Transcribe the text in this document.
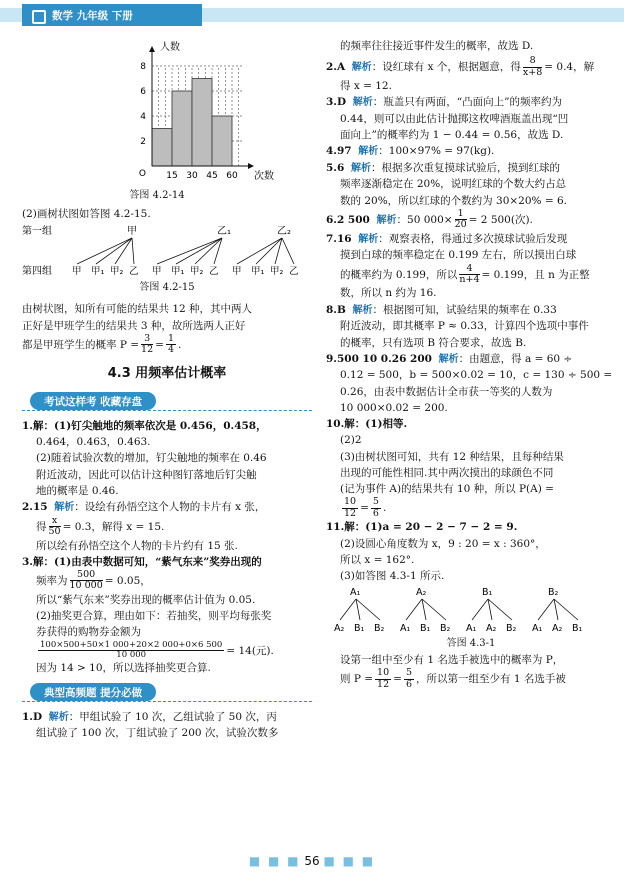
数学 九年级 下册
2
4
6
8
O 15 30 45 60
人数
次数
答图 4.2-14

(2)画树状图如答图 4.2-15.

第一组
第四组 甲 甲₁ 甲₂ 乙 甲 甲₁ 甲₂ 乙 甲 甲₁ 甲₂ 乙
甲	乙₁	乙₂
答图 4.2-15

由树状图，知所有可能的结果共 12 种，其中两人

正好是甲班学生的结果共 3 种，故所选两人正好

都是甲班学生的概率 $P = \frac{3}{12} = \frac{1}{4}$ .

4.3 用频率估计概率
考试这样考 收藏存盘

1.解：(1)钉尖触地的频率依次是 0.456，0.458，

0.464，0.463，0.463.

(2)随着试验次数的增加，钉尖触地的频率在 0.46

附近波动，因此可以估计这种图钉落地后钉尖触

地的概率是 0.46.

2.15 解析：设绘有孙悟空这个人物的卡片有 x 张，

得 $\frac{x}{50} = 0.3$，解得 x = 15.

所以绘有孙悟空这个人物的卡片约有 15 张.

3.解：(1)由表中数据可知，“紫气东来”奖券出现的

频率为 $\frac{500}{10 000} = 0.05$，

所以“紫气东来”奖券出现的概率估计值为 0.05.

(2)抽奖更合算，理由如下：若抽奖，则平均每张奖

券获得的购物券金额为

$\frac{100\times 500+50\times 1 000+20\times 2 000+0\times 6 500}{10 000} = 14$(元).

因为 14 > 10，所以选择抽奖更合算.

典型高频题 提分必做

1.D 解析：甲组试验了 10 次，乙组试验了 50 次，丙

组试验了 100 次，丁组试验了 200 次，试验次数多

的频率往往接近事件发生的概率，故选 D.

2.A 解析：设红球有 x 个，根据题意，得 $\frac{8}{x+8} = 0.4$，解

得 x = 12.

3.D 解析：瓶盖只有两面，“凸面向上”的频率约为

0.44，则可以由此估计抛掷这枚啤酒瓶盖出现“凹

面向上”的概率约为 1 − 0.44 = 0.56，故选 D.

4.97 解析：100×97% = 97(kg).

5.6 解析：根据多次重复摸球试验后，摸到红球的

频率逐渐稳定在 20%，说明红球的个数大约占总

数的 20%，所以红球的个数约为 30×20% = 6.

6.2 500 解析：50 $000\times \frac{1}{20} = 2$ 500(次).

7.16 解析：观察表格，得通过多次摸球试验后发现

摸到白球的频率稳定在 0.199 左右，所以摸出白球

的概率约为 0.199，所以 $\frac{4}{n+4} = 0.199$，且 n 为正整

数，所以 n 约为 16.

8.B 解析：根据图可知，试验结果的频率在 0.33

附近波动，即其概率 P ≈ 0.33，计算四个选项中事件

的概率，只有选项 B 符合要求，故选 B.

9.500 10 0.26 200 解析：由题意，得 a = 60 ÷

0.12 = 500，b = 500×0.02 = 10，c = 130 ÷ 500 =

0.26，由表中数据估计全市获一等奖的人数为

10 000×0.02 = 200.

10.解：(1)相等.

(2)2

(3)由树状图可知，共有 12 种结果，且每种结果

出现的可能性相同.其中两次摸出的球颜色不同

(记为事件 A)的结果共有 10 种，所以 P(A) =

$\frac{10}{12} = \frac{5}{6}$ .

11.解：(1)a = 20 − 2 − 7 − 2 = 9.

(2)设圆心角度数为 x，9 : 20 = x : 360°，

所以 x = 162°.

(3)如答图 4.3-1 所示.

A₁
A₂ B₁ B₂
A₂
A₁ B₁ B₂
B₁
A₁ A₂ B₂
B₂
A₁ A₂ B₁
答图 4.3-1

设第一组中至少有 1 名选手被选中的概率为 P，

则 $P = \frac{10}{12} = \frac{5}{6}$ ，所以第一组至少有 1 名选手被

■ ■ ■ 56 ■ ■ ■
